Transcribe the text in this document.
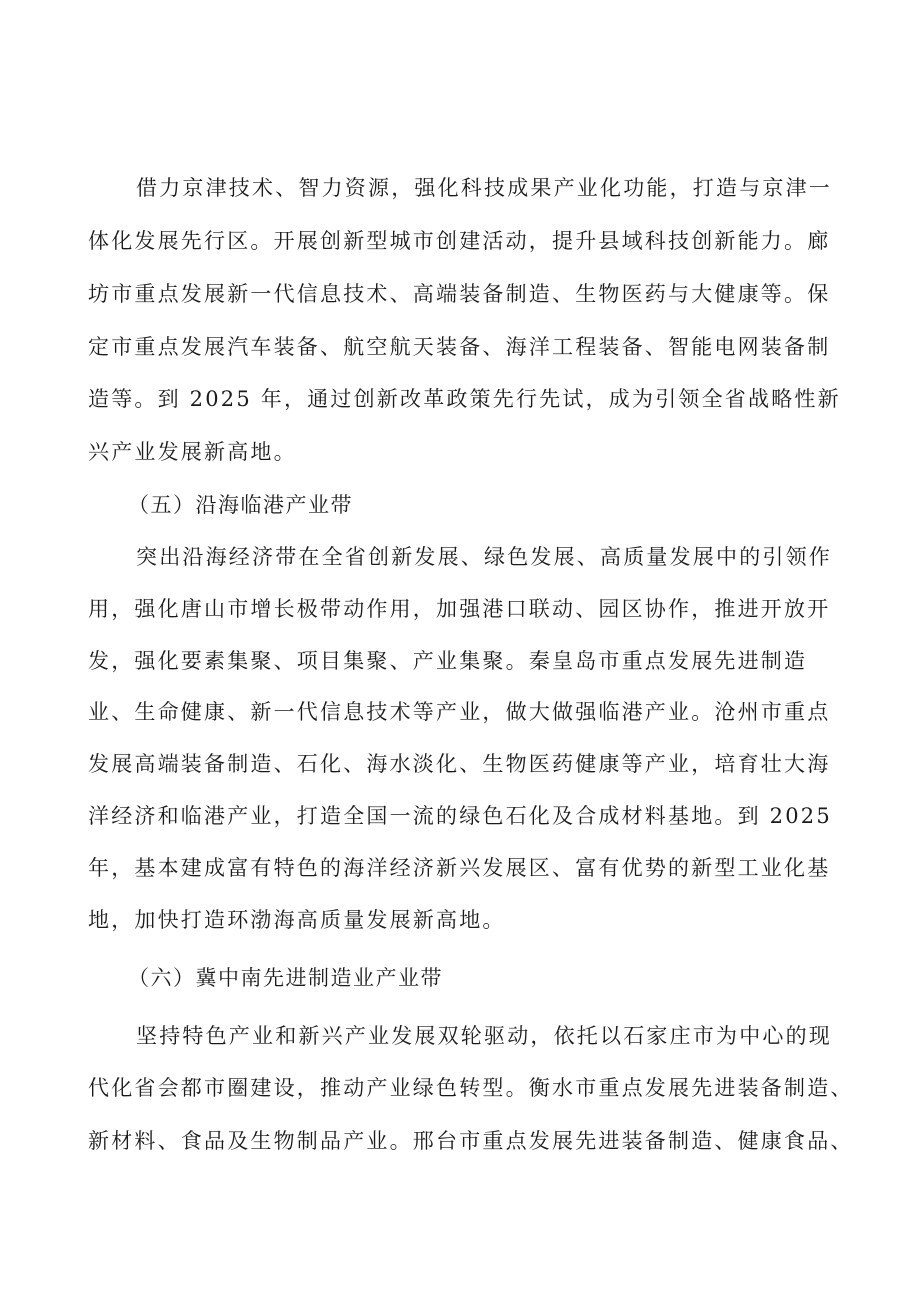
借力京津技术、智力资源，强化科技成果产业化功能，打造与京津一
体化发展先行区。开展创新型城市创建活动，提升县域科技创新能力。廊
坊市重点发展新一代信息技术、高端装备制造、生物医药与大健康等。保
定市重点发展汽车装备、航空航天装备、海洋工程装备、智能电网装备制
造等。到 2025 年，通过创新改革政策先行先试，成为引领全省战略性新
兴产业发展新高地。
（五）沿海临港产业带
突出沿海经济带在全省创新发展、绿色发展、高质量发展中的引领作
用，强化唐山市增长极带动作用，加强港口联动、园区协作，推进开放开
发，强化要素集聚、项目集聚、产业集聚。秦皇岛市重点发展先进制造
业、生命健康、新一代信息技术等产业，做大做强临港产业。沧州市重点
发展高端装备制造、石化、海水淡化、生物医药健康等产业，培育壮大海
洋经济和临港产业，打造全国一流的绿色石化及合成材料基地。到 2025
年，基本建成富有特色的海洋经济新兴发展区、富有优势的新型工业化基
地，加快打造环渤海高质量发展新高地。
（六）冀中南先进制造业产业带
坚持特色产业和新兴产业发展双轮驱动，依托以石家庄市为中心的现
代化省会都市圈建设，推动产业绿色转型。衡水市重点发展先进装备制造、
新材料、食品及生物制品产业。邢台市重点发展先进装备制造、健康食品、
